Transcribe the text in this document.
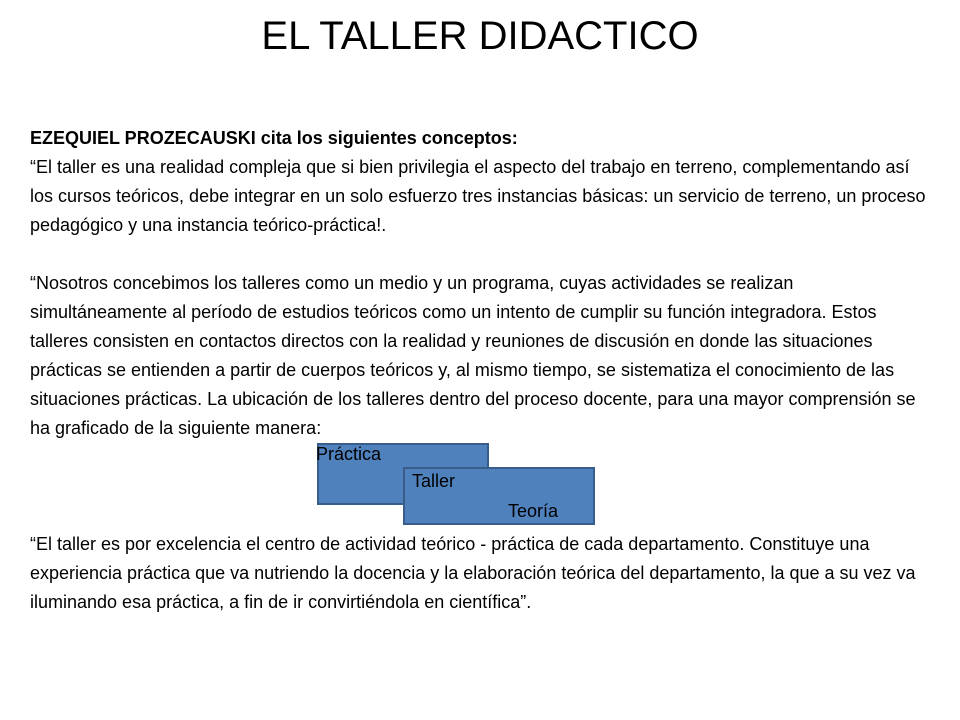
EL TALLER DIDACTICO

EZEQUIEL PROZECAUSKI cita los siguientes conceptos:

“El taller es una realidad compleja que si bien privilegia el aspecto del trabajo en terreno, complementando así los cursos teóricos, debe integrar en un solo esfuerzo tres instancias básicas: un servicio de terreno, un proceso pedagógico y una instancia teórico-práctica!.

“Nosotros concebimos los talleres como un medio y un programa, cuyas actividades se realizan simultáneamente al período de estudios teóricos como un intento de cumplir su función integradora. Estos talleres consisten en contactos directos con la realidad y reuniones de discusión en donde las situaciones prácticas se entienden a partir de cuerpos teóricos y, al mismo tiempo, se sistematiza el conocimiento de las situaciones prácticas. La ubicación de los talleres dentro del proceso docente, para una mayor comprensión se ha graficado de la siguiente manera:

Práctica
Taller
Teoría

“El taller es por excelencia el centro de actividad teórico - práctica de cada departamento. Constituye una experiencia práctica que va nutriendo la docencia y la elaboración teórica del departamento, la que a su vez va iluminando esa práctica, a fin de ir convirtiéndola en científica”.
